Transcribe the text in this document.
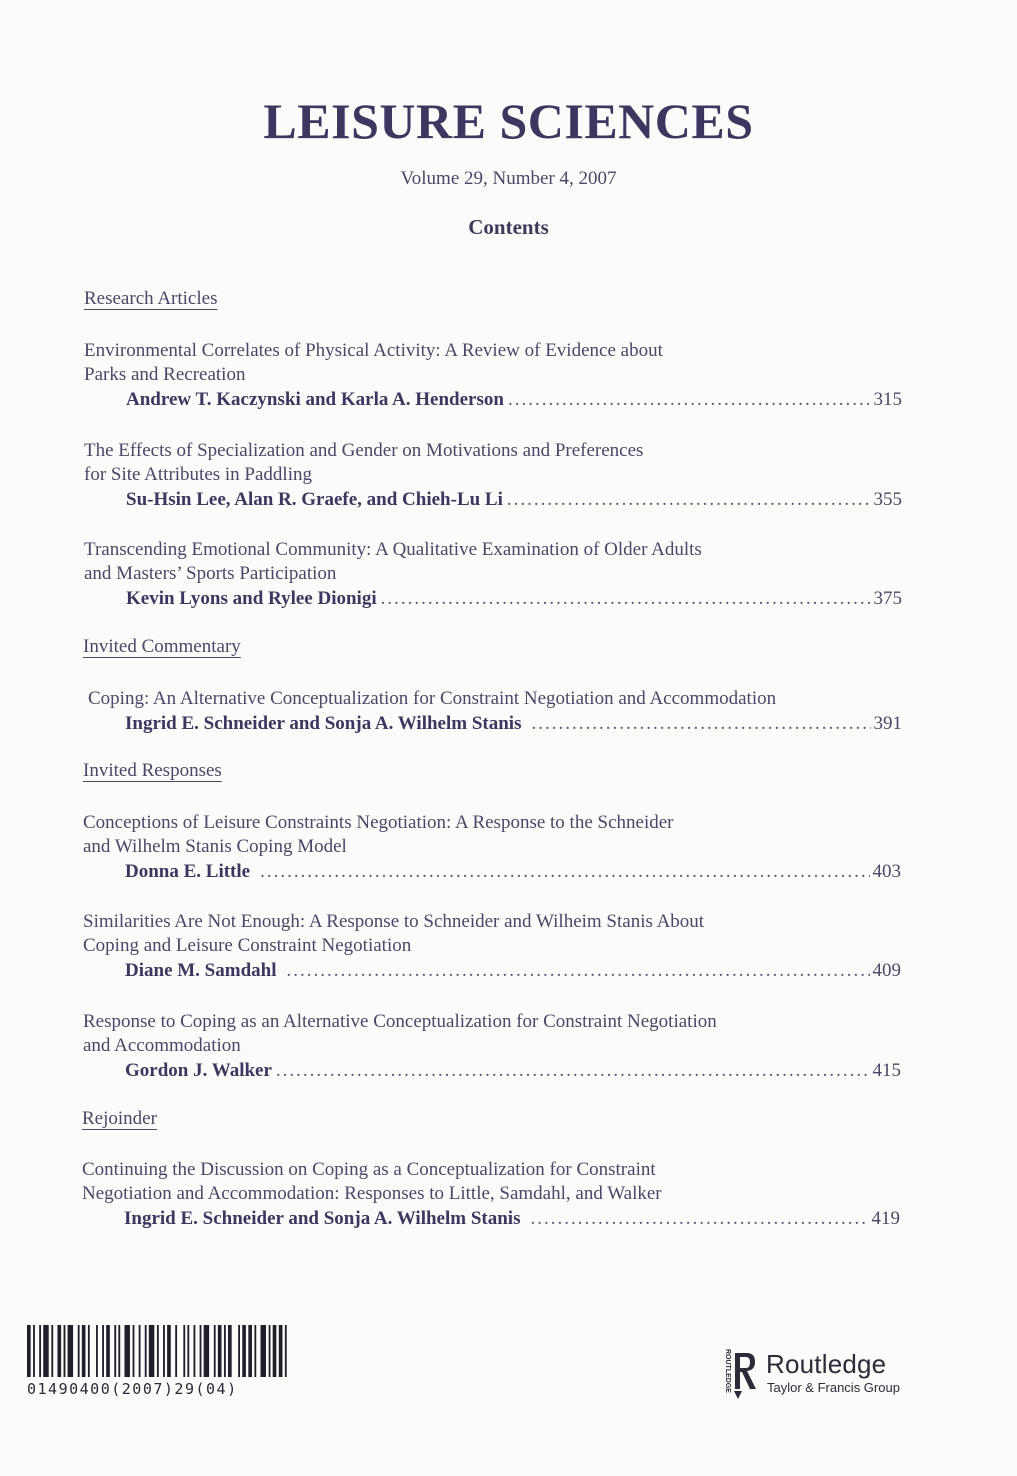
LEISURE SCIENCES
Volume 29, Number 4, 2007
Contents
Research Articles
Environmental Correlates of Physical Activity: A Review of Evidence about
Parks and Recreation
Andrew T. Kaczynski and Karla A. Henderson .....	315
The Effects of Specialization and Gender on Motivations and Preferences
for Site Attributes in Paddling
Su-Hsin Lee, Alan R. Graefe, and Chieh-Lu Li .....	355
Transcending Emotional Community: A Qualitative Examination of Older Adults
and Masters’ Sports Participation
Kevin Lyons and Rylee Dionigi .....	375
Invited Commentary
Coping: An Alternative Conceptualization for Constraint Negotiation and Accommodation
Ingrid E. Schneider and Sonja A. Wilhelm Stanis .....	391
Invited Responses
Conceptions of Leisure Constraints Negotiation: A Response to the Schneider
and Wilhelm Stanis Coping Model
Donna E. Little .....	403
Similarities Are Not Enough: A Response to Schneider and Wilheim Stanis About
Coping and Leisure Constraint Negotiation
Diane M. Samdahl .....	409
Response to Coping as an Alternative Conceptualization for Constraint Negotiation
and Accommodation
Gordon J. Walker .....	415
Rejoinder
Continuing the Discussion on Coping as a Conceptualization for Constraint
Negotiation and Accommodation: Responses to Little, Samdahl, and Walker
Ingrid E. Schneider and Sonja A. Wilhelm Stanis .....	419
01490400(2007)29(04)	ROUTLEDGE Routledge
Taylor & Francis Group
